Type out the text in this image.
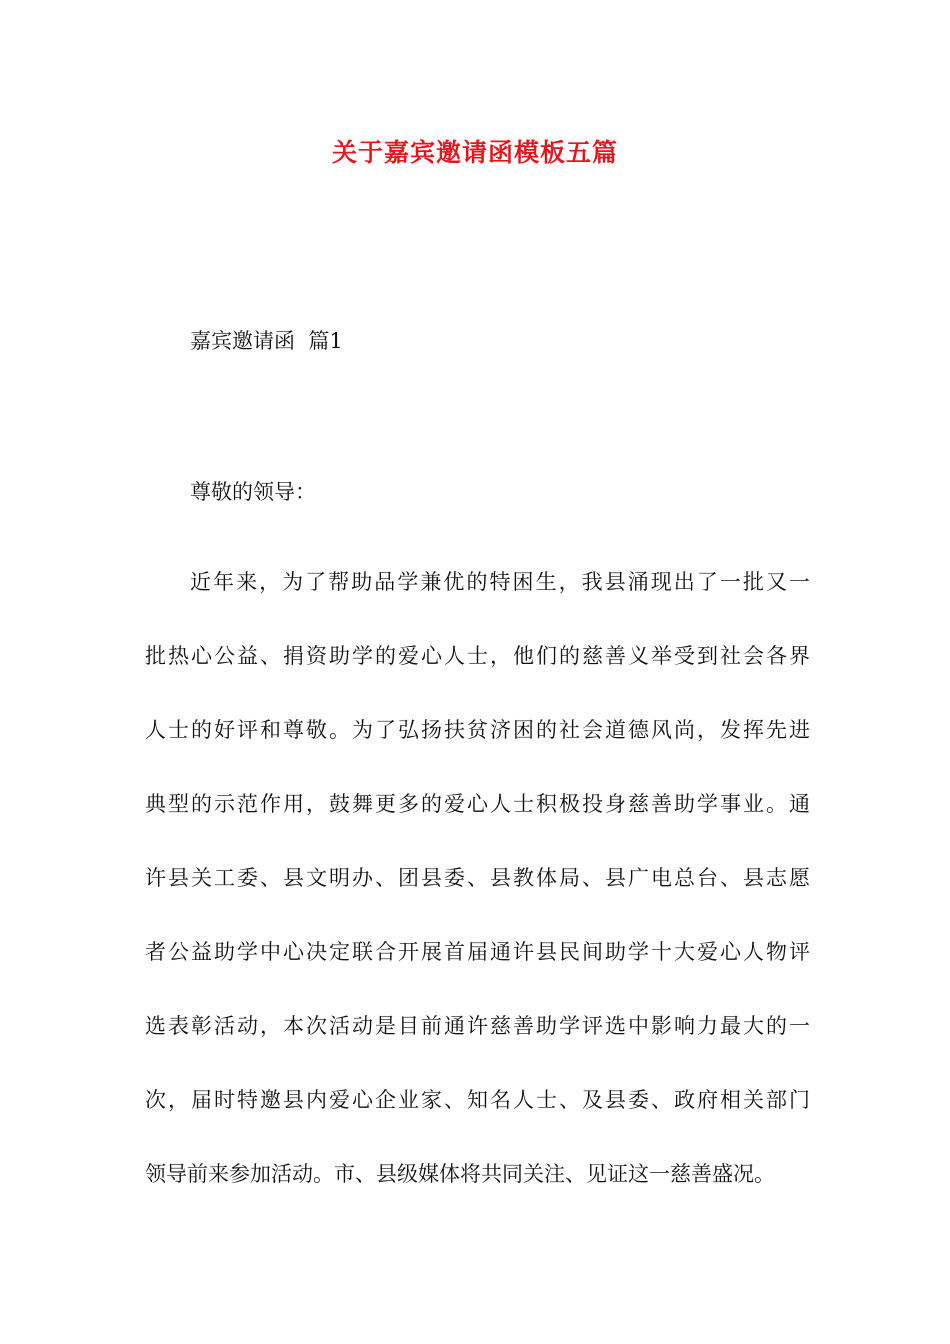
关于嘉宾邀请函模板五篇

嘉宾邀请函  篇1

尊敬的领导：

近年来，为了帮助品学兼优的特困生，我县涌现出了一批又一
批热心公益、捐资助学的爱心人士，他们的慈善义举受到社会各界
人士的好评和尊敬。为了弘扬扶贫济困的社会道德风尚，发挥先进
典型的示范作用，鼓舞更多的爱心人士积极投身慈善助学事业。通
许县关工委、县文明办、团县委、县教体局、县广电总台、县志愿
者公益助学中心决定联合开展首届通许县民间助学十大爱心人物评
选表彰活动，本次活动是目前通许慈善助学评选中影响力最大的一
次，届时特邀县内爱心企业家、知名人士、及县委、政府相关部门
领导前来参加活动。市、县级媒体将共同关注、见证这一慈善盛况。
